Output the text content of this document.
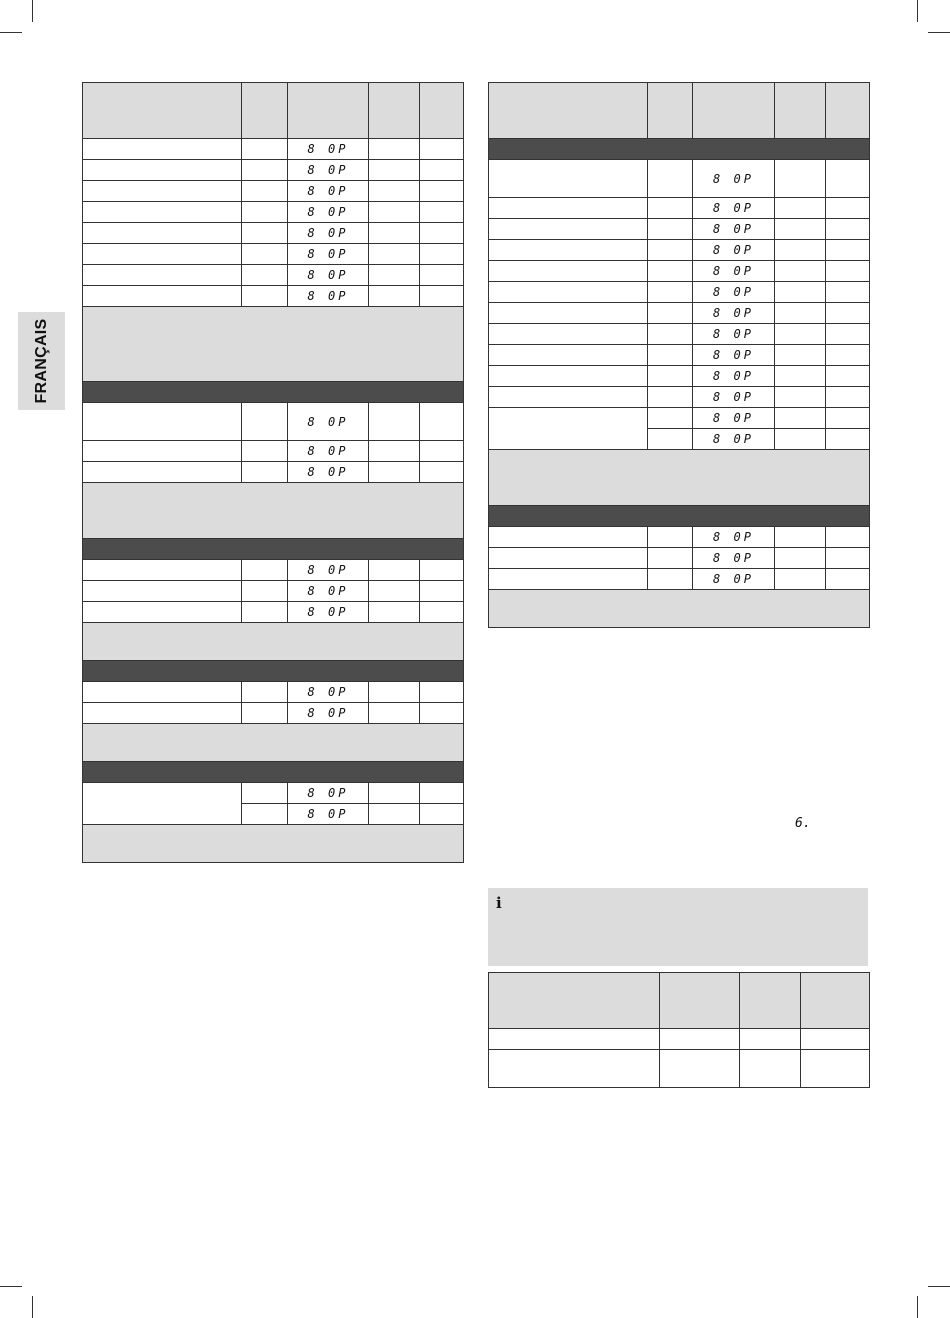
FRANÇAIS

		8 0P		
		8 0P		
		8 0P		
		8 0P		
		8 0P		
		8 0P		
		8 0P		
		8 0P		

		8 0P		
		8 0P		
		8 0P		

		8 0P		
		8 0P		
		8 0P		

		8 0P		
		8 0P		

		8 0P		
		8 0P		

		8 0P		
		8 0P		
		8 0P		
		8 0P		
		8 0P		
		8 0P		
		8 0P		
		8 0P		
		8 0P		
		8 0P		
		8 0P		
		8 0P		
		8 0P		

		8 0P		
		8 0P		
		8 0P		

6.
i
